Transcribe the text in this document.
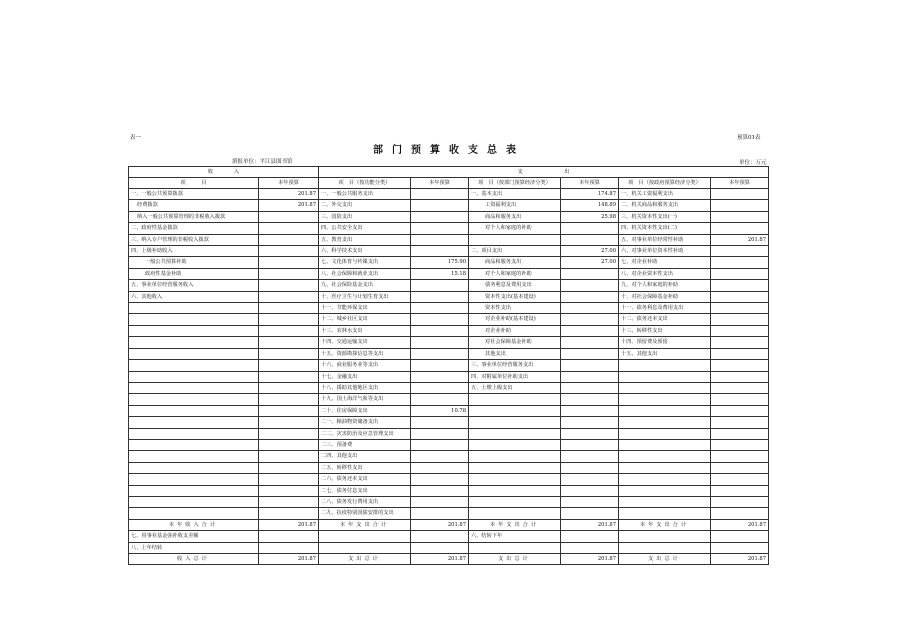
表一	预算01表
部门预算收支总表
填报单位：平江县图书馆	单位：万元
收　　　　入		支　　　　　　　　出					
项　　　目	本年预算	项　目（按功能分类）	本年预算	项　目（按部门预算经济分类）	本年预算	项　目（按政府预算经济分类）	本年预算
一、一般公共预算拨款	201.87	一、一般公共服务支出		一、基本支出	174.87	一、机关工资福利支出	
经费拨款	201.87	二、外交支出		工资福利支出	148.89	二、机关商品和服务支出	
纳入一般公共预算管理的非税收入拨款		三、国防支出		商品和服务支出	25.98	三、机关资本性支出(一)	
二、政府性基金拨款		四、公共安全支出		对个人和家庭的补助		四、机关资本性支出(二)	
三、纳入专户管理的非税收入拨款		五、教育支出				五、对事业单位经常性补助	201.87
四、上级补助收入		六、科学技术支出		二、项目支出	27.00	六、对事业单位资本性补助	
一般公共预算补助		七、文化体育与传媒支出	175.90	商品和服务支出	27.00	七、对企业补助	
政府性基金补助		八、社会保障和就业支出	15.18	对个人和家庭的补助		八、对企业资本性支出	
五、事业单位经营服务收入		九、社会保险基金支出		债务利息及费用支出		九、对个人和家庭的补助	
六、其他收入		十、医疗卫生与计划生育支出		资本性支出(基本建设)		十、对社会保障基金补助	
		十一、节能环保支出		资本性支出		十一、债务利息及费用支出	
		十二、城乡社区支出		对企业补助(基本建设)		十二、债务还本支出	
		十三、农林水支出		对企业补助		十三、转移性支出	
		十四、交通运输支出		对社会保障基金补助		十四、预留费及预留	
		十五、资源勘探信息等支出		其他支出		十五、其他支出	
		十六、商业服务业等支出		三、事业单位经营服务支出			
		十七、金融支出		四、对附属单位补助支出			
		十八、援助其他地区支出		五、上缴上级支出			
		十九、国土海洋气象等支出					
		二十、住房保障支出	10.78				
		二一、粮油物资储备支出					
		二二、灾害防治及应急管理支出					
		二三、预备费					
		二四、其他支出					
		二五、转移性支出					
		二六、债务还本支出					
		二七、债务付息支出					
		二八、债务发行费用支出					
		二九、抗疫特别国债安排的支出					
本年收入合计	201.87	本年支出合计	201.87	本年支出合计	201.87	本年支出合计	201.87
七、用事业基金弥补收支差额				六、结转下年			
八、上年结转							
收入总计	201.87	支出总计	201.87	支出总计	201.87	支出总计	201.87
